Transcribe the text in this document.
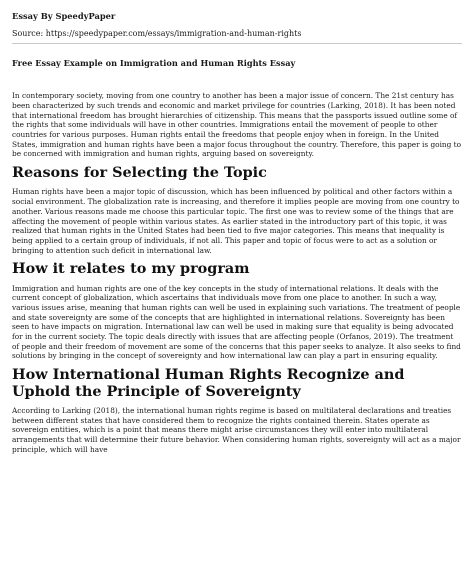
Essay By SpeedyPaper
Source: https://speedypaper.com/essays/immigration-and-human-rights
Free Essay Example on Immigration and Human Rights Essay

In contemporary society, moving from one country to another has been a major issue of concern. The 21st century has been characterized by such trends and economic and market privilege for countries (Larking, 2018). It has been noted that international freedom has brought hierarchies of citizenship. This means that the passports issued outline some of the rights that some individuals will have in other countries. Immigrations entail the movement of people to other countries for various purposes. Human rights entail the freedoms that people enjoy when in foreign. In the United States, immigration and human rights have been a major focus throughout the country. Therefore, this paper is going to be concerned with immigration and human rights, arguing based on sovereignty.

Reasons for Selecting the Topic

Human rights have been a major topic of discussion, which has been influenced by political and other factors within a social environment. The globalization rate is increasing, and therefore it implies people are moving from one country to another. Various reasons made me choose this particular topic. The first one was to review some of the things that are affecting the movement of people within various states. As earlier stated in the introductory part of this topic, it was realized that human rights in the United States had been tied to five major categories. This means that inequality is being applied to a certain group of individuals, if not all. This paper and topic of focus were to act as a solution or bringing to attention such deficit in international law.

How it relates to my program

Immigration and human rights are one of the key concepts in the study of international relations. It deals with the current concept of globalization, which ascertains that individuals move from one place to another. In such a way, various issues arise, meaning that human rights can well be used in explaining such variations. The treatment of people and state sovereignty are some of the concepts that are highlighted in international relations. Sovereignty has been seen to have impacts on migration. International law can well be used in making sure that equality is being advocated for in the current society. The topic deals directly with issues that are affecting people (Orfanos, 2019). The treatment of people and their freedom of movement are some of the concerns that this paper seeks to analyze. It also seeks to find solutions by bringing in the concept of sovereignty and how international law can play a part in ensuring equality.

How International Human Rights Recognize and Uphold the Principle of Sovereignty

According to Larking (2018), the international human rights regime is based on multilateral declarations and treaties between different states that have considered them to recognize the rights contained therein. States operate as sovereign entities, which is a point that means there might arise circumstances they will enter into multilateral arrangements that will determine their future behavior. When considering human rights, sovereignty will act as a major principle, which will have
